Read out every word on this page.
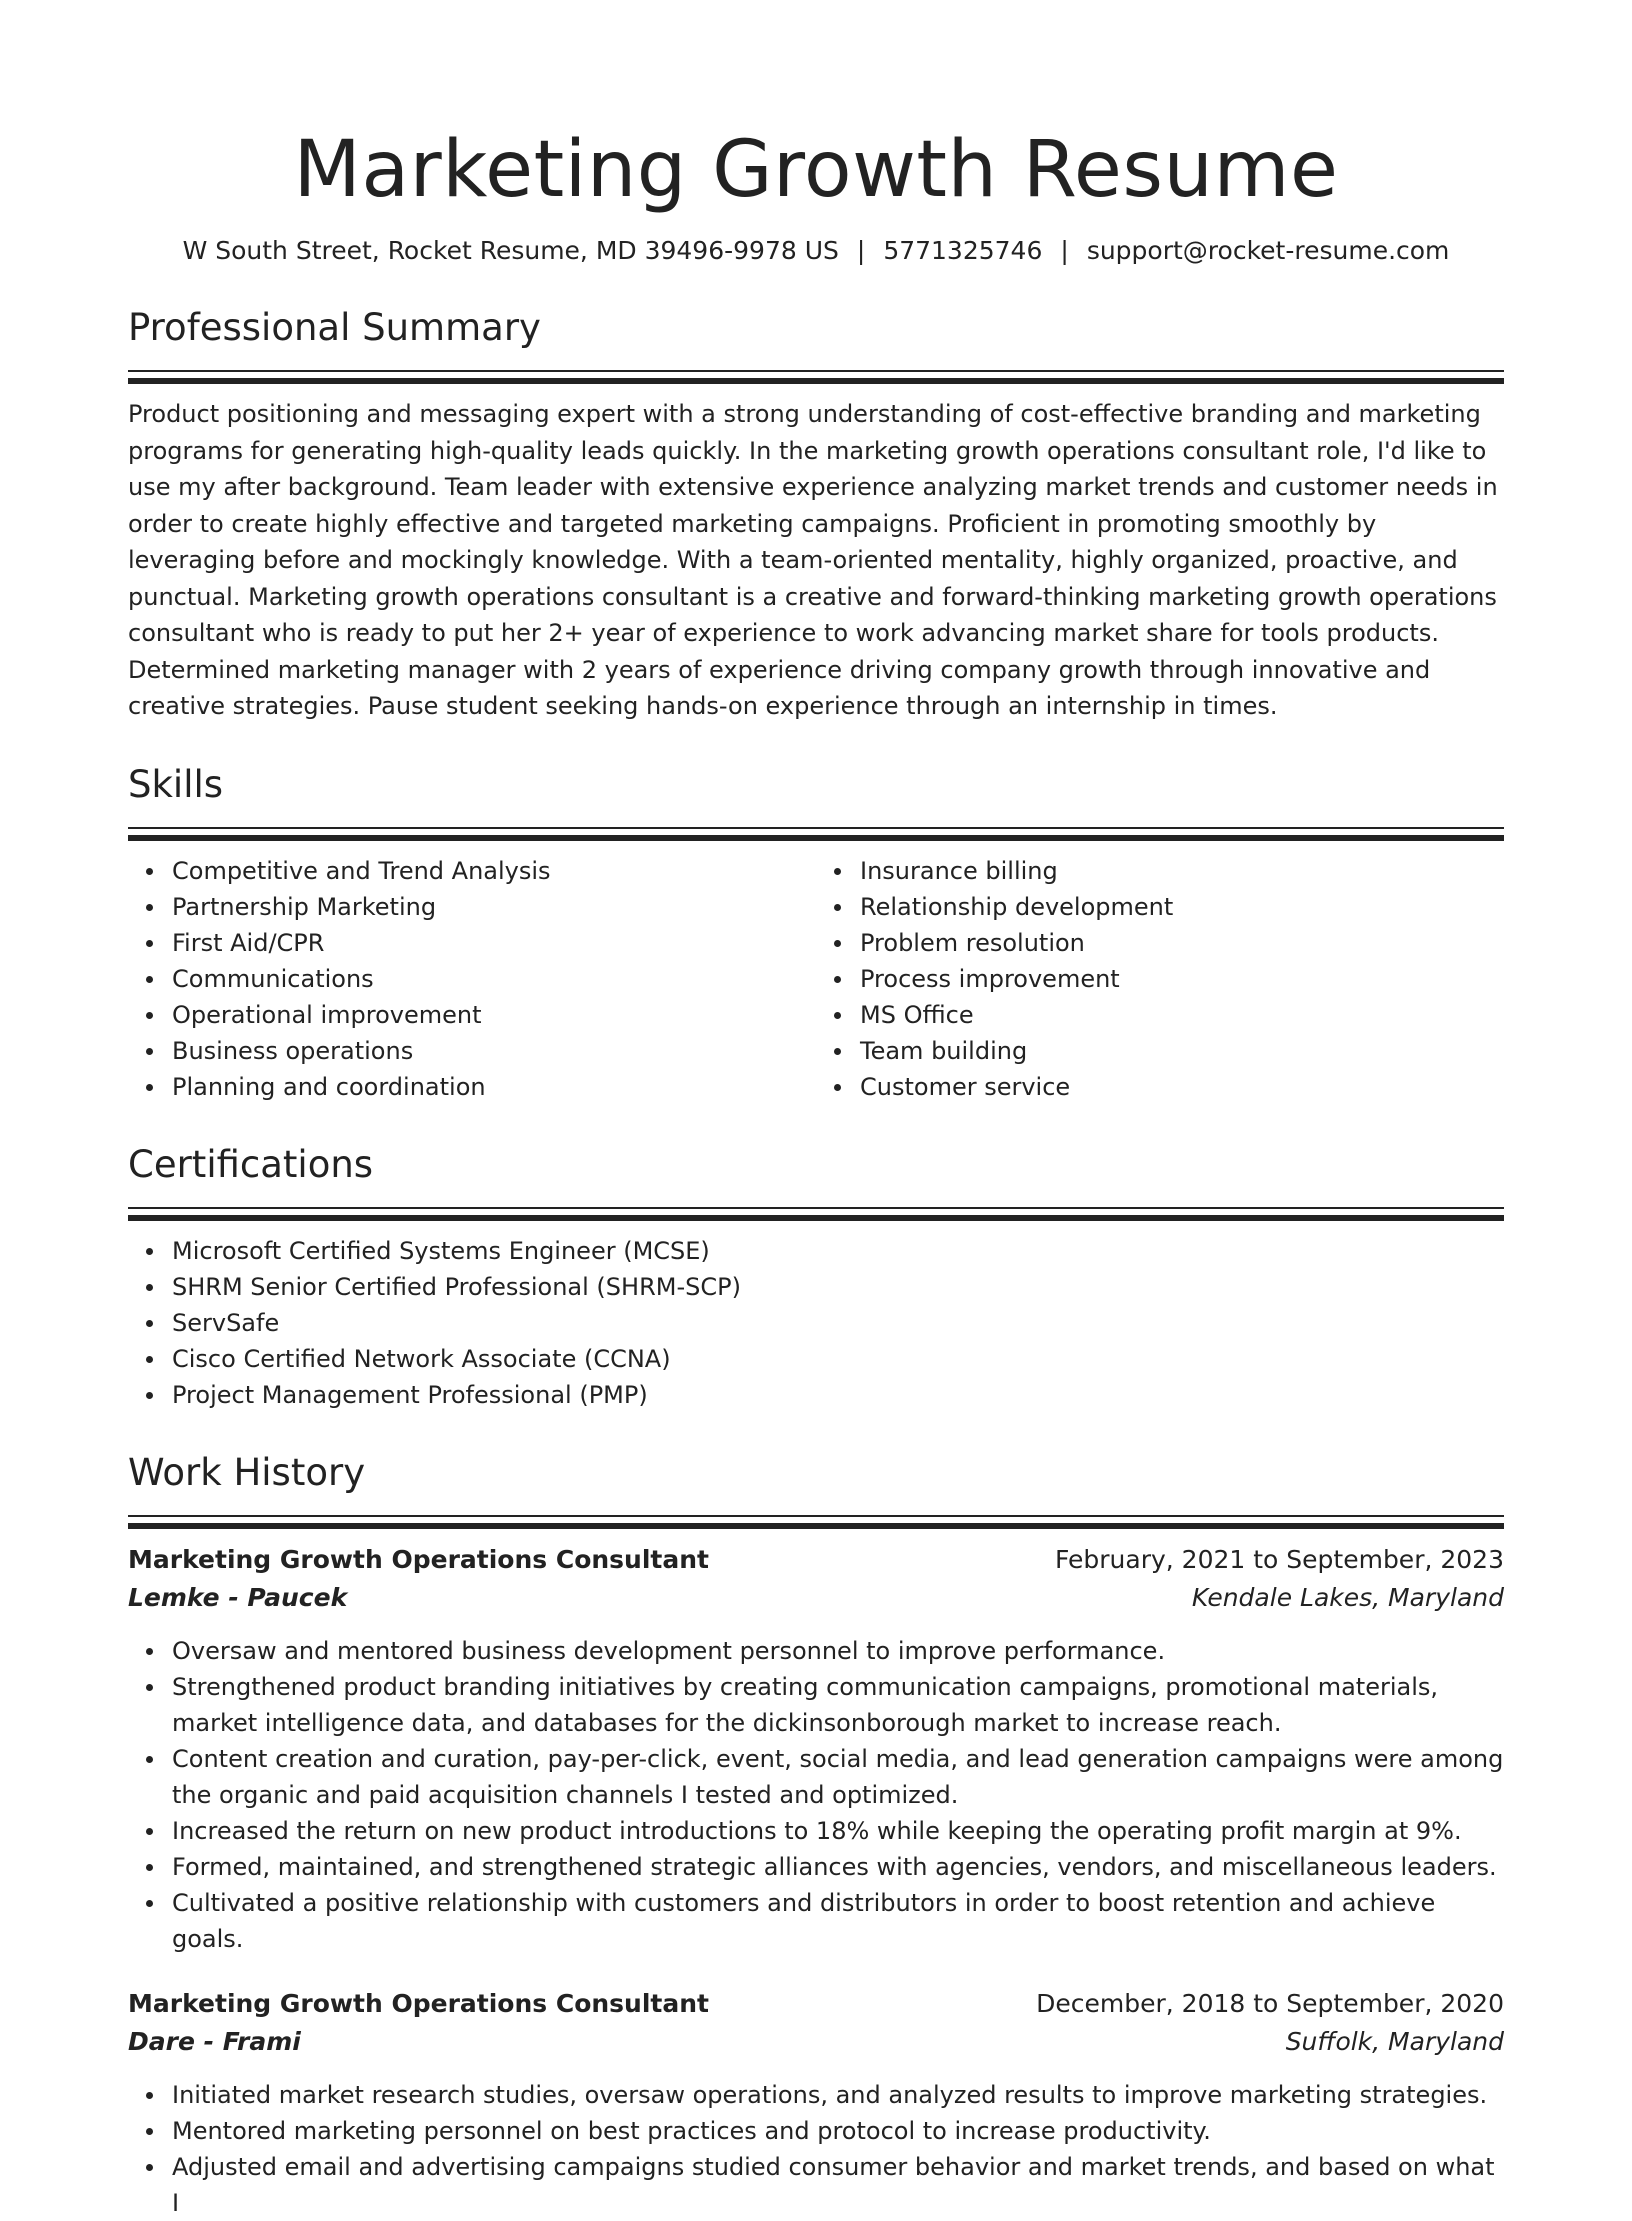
Marketing Growth Resume
W South Street, Rocket Resume, MD 39496-9978 US | 5771325746 | support@rocket-resume.com
Professional Summary

Product positioning and messaging expert with a strong understanding of cost-effective branding and marketing programs for generating high-quality leads quickly. In the marketing growth operations consultant role, I'd like to use my after background. Team leader with extensive experience analyzing market trends and customer needs in order to create highly effective and targeted marketing campaigns. Proficient in promoting smoothly by leveraging before and mockingly knowledge. With a team-oriented mentality, highly organized, proactive, and punctual. Marketing growth operations consultant is a creative and forward-thinking marketing growth operations consultant who is ready to put her 2+ year of experience to work advancing market share for tools products. Determined marketing manager with 2 years of experience driving company growth through innovative and creative strategies. Pause student seeking hands-on experience through an internship in times.

Skills
Competitive and Trend Analysis
Partnership Marketing
First Aid/CPR
Communications
Operational improvement
Business operations
Planning and coordination
Insurance billing
Relationship development
Problem resolution
Process improvement
MS Office
Team building
Customer service
Certifications
Microsoft Certified Systems Engineer (MCSE)
SHRM Senior Certified Professional (SHRM-SCP)
ServSafe
Cisco Certified Network Associate (CCNA)
Project Management Professional (PMP)
Work History
Marketing Growth Operations Consultant	February, 2021 to September, 2023
Lemke - Paucek	Kendale Lakes, Maryland
Oversaw and mentored business development personnel to improve performance.
Strengthened product branding initiatives by creating communication campaigns, promotional materials, market intelligence data, and databases for the dickinsonborough market to increase reach.
Content creation and curation, pay-per-click, event, social media, and lead generation campaigns were among the organic and paid acquisition channels I tested and optimized.
Increased the return on new product introductions to 18% while keeping the operating profit margin at 9%.
Formed, maintained, and strengthened strategic alliances with agencies, vendors, and miscellaneous leaders.
Cultivated a positive relationship with customers and distributors in order to boost retention and achieve goals.
Marketing Growth Operations Consultant	December, 2018 to September, 2020
Dare - Frami	Suffolk, Maryland
Initiated market research studies, oversaw operations, and analyzed results to improve marketing strategies.
Mentored marketing personnel on best practices and protocol to increase productivity.
Adjusted email and advertising campaigns studied consumer behavior and market trends, and based on what I
